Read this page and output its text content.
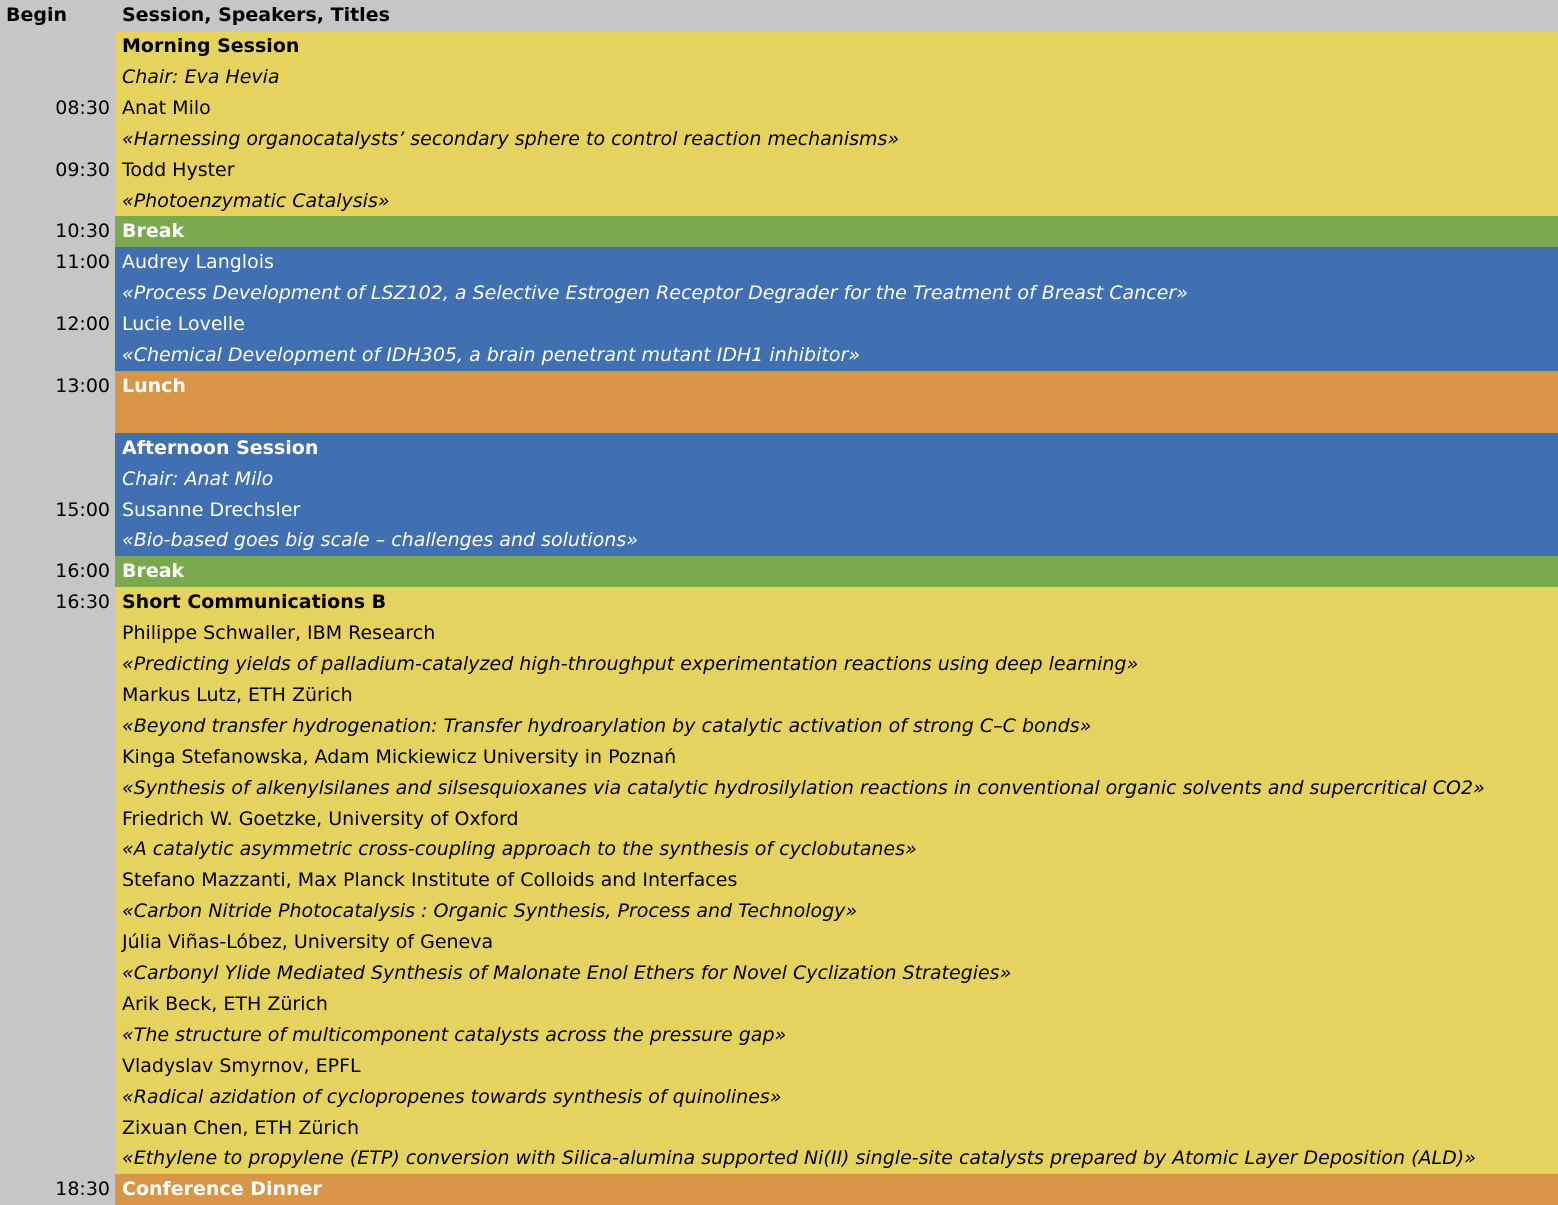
Begin	Session, Speakers, Titles
Morning Session
Chair: Eva Hevia
08:30 Anat Milo
«Harnessing organocatalysts’ secondary sphere to control reaction mechanisms»
09:30 Todd Hyster
«Photoenzymatic Catalysis»
10:30 Break
11:00 Audrey Langlois
«Process Development of LSZ102, a Selective Estrogen Receptor Degrader for the Treatment of Breast Cancer»
12:00 Lucie Lovelle
«Chemical Development of IDH305, a brain penetrant mutant IDH1 inhibitor»
13:00 Lunch
Afternoon Session
Chair: Anat Milo
15:00 Susanne Drechsler
«Bio-based goes big scale – challenges and solutions»
16:00 Break
16:30 Short Communications B
Philippe Schwaller, IBM Research
«Predicting yields of palladium-catalyzed high-throughput experimentation reactions using deep learning»
Markus Lutz, ETH Zürich
«Beyond transfer hydrogenation: Transfer hydroarylation by catalytic activation of strong C–C bonds»
Kinga Stefanowska, Adam Mickiewicz University in Poznań
«Synthesis of alkenylsilanes and silsesquioxanes via catalytic hydrosilylation reactions in conventional organic solvents and supercritical CO2»
Friedrich W. Goetzke, University of Oxford
«A catalytic asymmetric cross-coupling approach to the synthesis of cyclobutanes»
Stefano Mazzanti, Max Planck Institute of Colloids and Interfaces
«Carbon Nitride Photocatalysis : Organic Synthesis, Process and Technology»
Júlia Viñas-Lóbez, University of Geneva
«Carbonyl Ylide Mediated Synthesis of Malonate Enol Ethers for Novel Cyclization Strategies»
Arik Beck, ETH Zürich
«The structure of multicomponent catalysts across the pressure gap»
Vladyslav Smyrnov, EPFL
«Radical azidation of cyclopropenes towards synthesis of quinolines»
Zixuan Chen, ETH Zürich
«Ethylene to propylene (ETP) conversion with Silica-alumina supported Ni(II) single-site catalysts prepared by Atomic Layer Deposition (ALD)»
18:30 Conference Dinner
